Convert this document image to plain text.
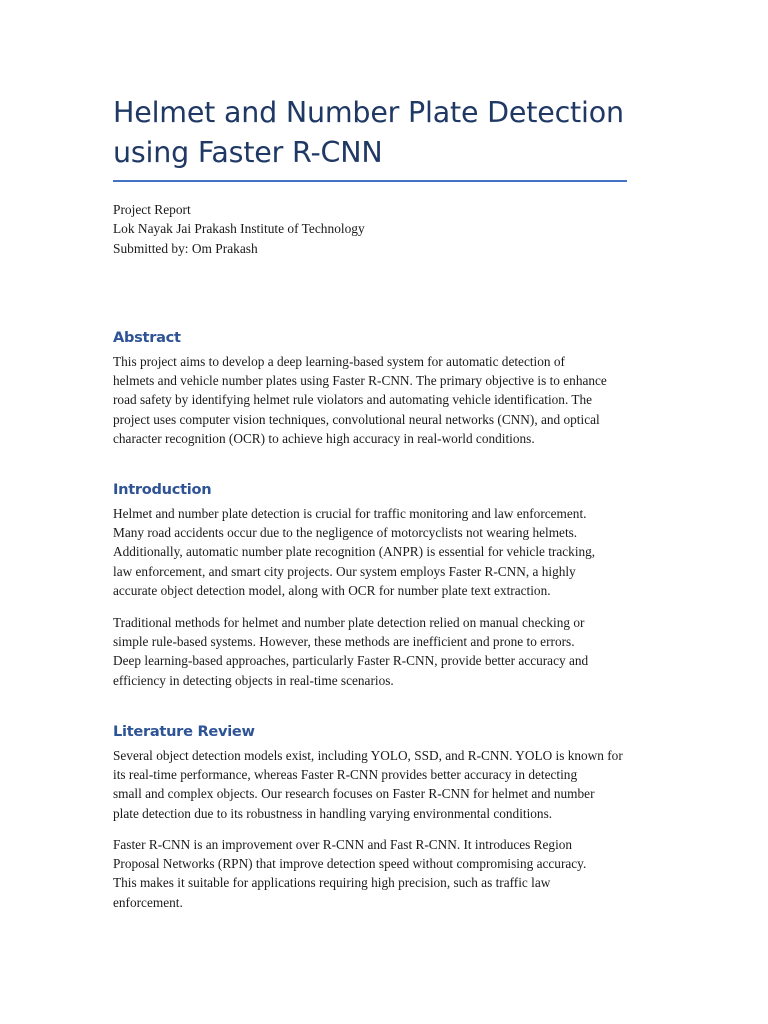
Helmet and Number Plate Detection
using Faster R-CNN
Project Report
Lok Nayak Jai Prakash Institute of Technology
Submitted by: Om Prakash
Abstract
This project aims to develop a deep learning-based system for automatic detection of
helmets and vehicle number plates using Faster R-CNN. The primary objective is to enhance
road safety by identifying helmet rule violators and automating vehicle identification. The
project uses computer vision techniques, convolutional neural networks (CNN), and optical
character recognition (OCR) to achieve high accuracy in real-world conditions.
Introduction
Helmet and number plate detection is crucial for traffic monitoring and law enforcement.
Many road accidents occur due to the negligence of motorcyclists not wearing helmets.
Additionally, automatic number plate recognition (ANPR) is essential for vehicle tracking,
law enforcement, and smart city projects. Our system employs Faster R-CNN, a highly
accurate object detection model, along with OCR for number plate text extraction.
Traditional methods for helmet and number plate detection relied on manual checking or
simple rule-based systems. However, these methods are inefficient and prone to errors.
Deep learning-based approaches, particularly Faster R-CNN, provide better accuracy and
efficiency in detecting objects in real-time scenarios.
Literature Review
Several object detection models exist, including YOLO, SSD, and R-CNN. YOLO is known for
its real-time performance, whereas Faster R-CNN provides better accuracy in detecting
small and complex objects. Our research focuses on Faster R-CNN for helmet and number
plate detection due to its robustness in handling varying environmental conditions.
Faster R-CNN is an improvement over R-CNN and Fast R-CNN. It introduces Region
Proposal Networks (RPN) that improve detection speed without compromising accuracy.
This makes it suitable for applications requiring high precision, such as traffic law
enforcement.
